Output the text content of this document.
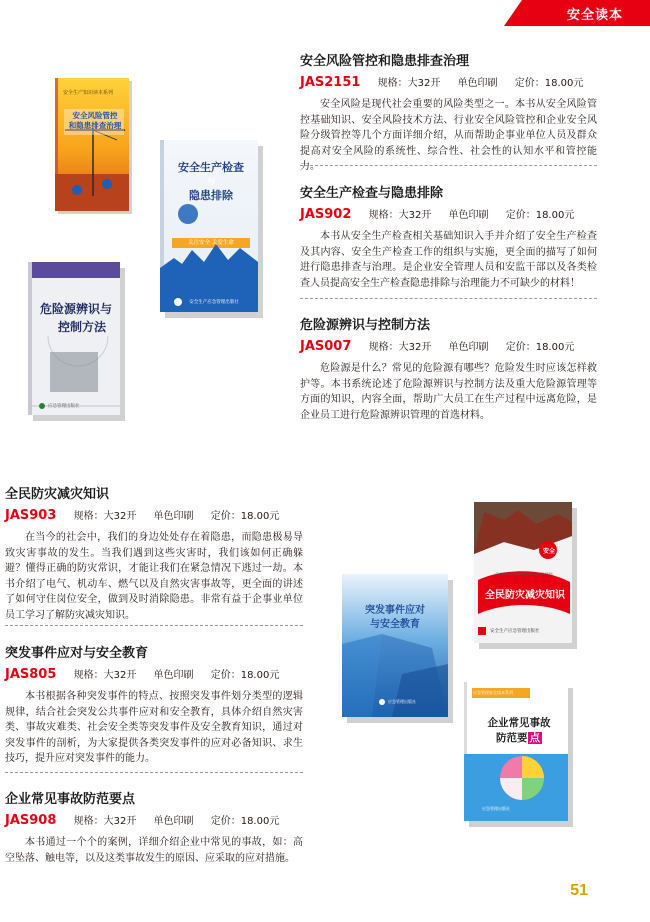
安全读本
安全风险管控和隐患排查治理
JAS2151 规格：大32开 单色印刷 定价：18.00元

安全风险是现代社会重要的风险类型之一。本书从安全风险管控基础知识、安全风险技术方法、行业安全风险管控和企业安全风险分级管控等几个方面详细介绍，从而帮助企事业单位人员及群众提高对安全风险的系统性、综合性、社会性的认知水平和管控能力。

安全生产检查与隐患排除
JAS902 规格：大32开 单色印刷 定价：18.00元

本书从安全生产检查相关基础知识入手并介绍了安全生产检查及其内容、安全生产检查工作的组织与实施，更全面的描写了如何进行隐患排查与治理。是企业安全管理人员和安监干部以及各类检查人员提高安全生产检查隐患排除与治理能力不可缺少的材料！

危险源辨识与控制方法
JAS007 规格：大32开 单色印刷 定价：18.00元

危险源是什么？常见的危险源有哪些？危险发生时应该怎样救护等。本书系统论述了危险源辨识与控制方法及重大危险源管理等方面的知识，内容全面，帮助广大员工在生产过程中远离危险，是企业员工进行危险源辨识管理的首选材料。

安全生产知识读本系列
安全风险管控
和隐患排查治理
安全生产检查
与
隐患排除
关注安全 关爱生命
安全生产应急管理出版社
危险源辨识与
控制方法
应急管理出版社
全民防灾减灾知识
JAS903 规格：大32开 单色印刷 定价：18.00元

在当今的社会中，我们的身边处处存在着隐患，而隐患极易导致灾害事故的发生。当我们遇到这些灾害时，我们该如何正确躲避？懂得正确的防灾常识，才能让我们在紧急情况下逃过一劫。本书介绍了电气、机动车、燃气以及自然灾害事故等，更全面的讲述了如何守住岗位安全，做到及时消除隐患。非常有益于企事业单位员工学习了解防灾减灾知识。

突发事件应对与安全教育
JAS805 规格：大32开 单色印刷 定价：18.00元

本书根据各种突发事件的特点、按照突发事件划分类型的逻辑规律，结合社会突发公共事件应对和安全教育，具体介绍自然灾害类、事故灾难类、社会安全类等突发事件及安全教育知识，通过对突发事件的剖析，为大家提供各类突发事件的应对必备知识、求生技巧，提升应对突发事件的能力。

企业常见事故防范要点
JAS908 规格：大32开 单色印刷 定价：18.00元

本书通过一个个的案例，详细介绍企业中常见的事故，如：高空坠落、触电等，以及这类事故发生的原因、应采取的应对措施。

安全
QUANMINFANGZAIJIANZAIZHISHI
全民防灾减灾知识
安全生产应急管理出版社
突发事件应对
与安全教育
应急管理出版社
应急管理安全读本系列
企业常见事故
防范要 点
应急管理出版社
51
